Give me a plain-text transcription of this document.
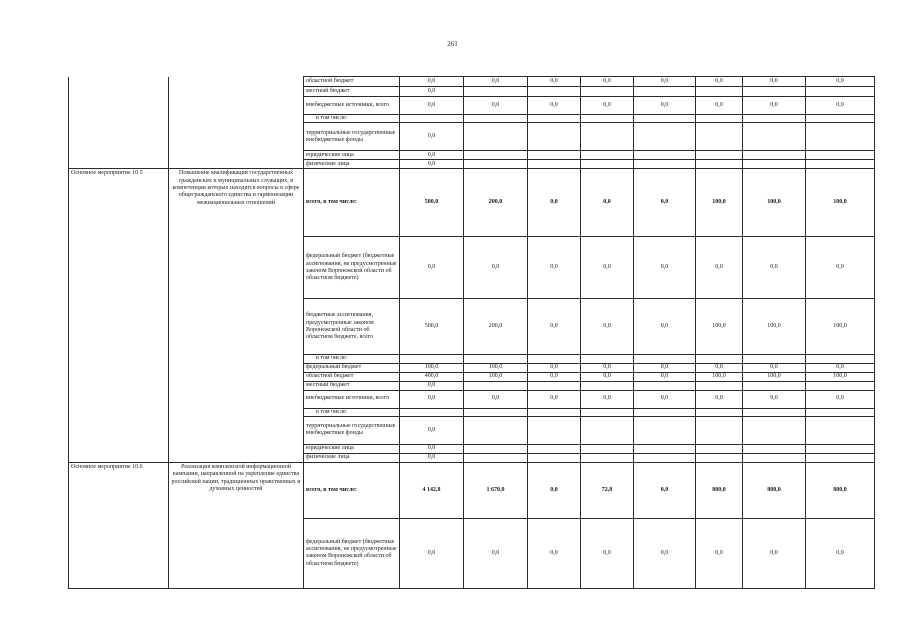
261
		областной бюджет	0,0	0,0	0,0	0,0	0,0	0,0	0,0	0,0
		местный бюджет	0,0							
		внебюджетные источники, всего	0,0	0,0	0,0	0,0	0,0	0,0	0,0	0,0
		в том числе:								
		территориальные государственные внебюджетные фонды	0,0							
		юридические лица	0,0							
		физические лица	0,0							
Основное мероприятие 10.5	Повышение квалификации государственных гражданских и муниципальных служащих, в компетенции которых находятся вопросы в сфере общегражданского единства и гармонизации межнациональных отношений	всего, в том числе:	500,0	200,0	0,0	0,0	0,0	100,0	100,0	100,0
		федеральный бюджет (бюджетные ассигнования, не предусмотренные законом Воронежской области об областном бюджете)	0,0	0,0	0,0	0,0	0,0	0,0	0,0	0,0
		бюджетные ассигнования, предусмотренные законом Воронежской области об областном бюджете, всего	500,0	200,0	0,0	0,0	0,0	100,0	100,0	100,0
		в том числе:								
		федеральный бюджет	100,0	100,0	0,0	0,0	0,0	0,0	0,0	0,0
		областной бюджет	400,0	100,0	0,0	0,0	0,0	100,0	100,0	100,0
		местный бюджет	0,0							
		внебюджетные источники, всего	0,0	0,0	0,0	0,0	0,0	0,0	0,0	0,0
		в том числе:								
		территориальные государственные внебюджетные фонды	0,0							
		юридические лица	0,0							
		физические лица	0,0							
Основное мероприятие 10.6	Реализация комплексной информационной кампании, направленной на укрепление единства российской нации, традиционных нравственных и духовных ценностей	всего, в том числе:	4 142,8	1 670,0	0,0	72,8	0,0	800,0	800,0	800,0
		федеральный бюджет (бюджетные ассигнования, не предусмотренные законом Воронежской области об областном бюджете)	0,0	0,0	0,0	0,0	0,0	0,0	0,0	0,0
